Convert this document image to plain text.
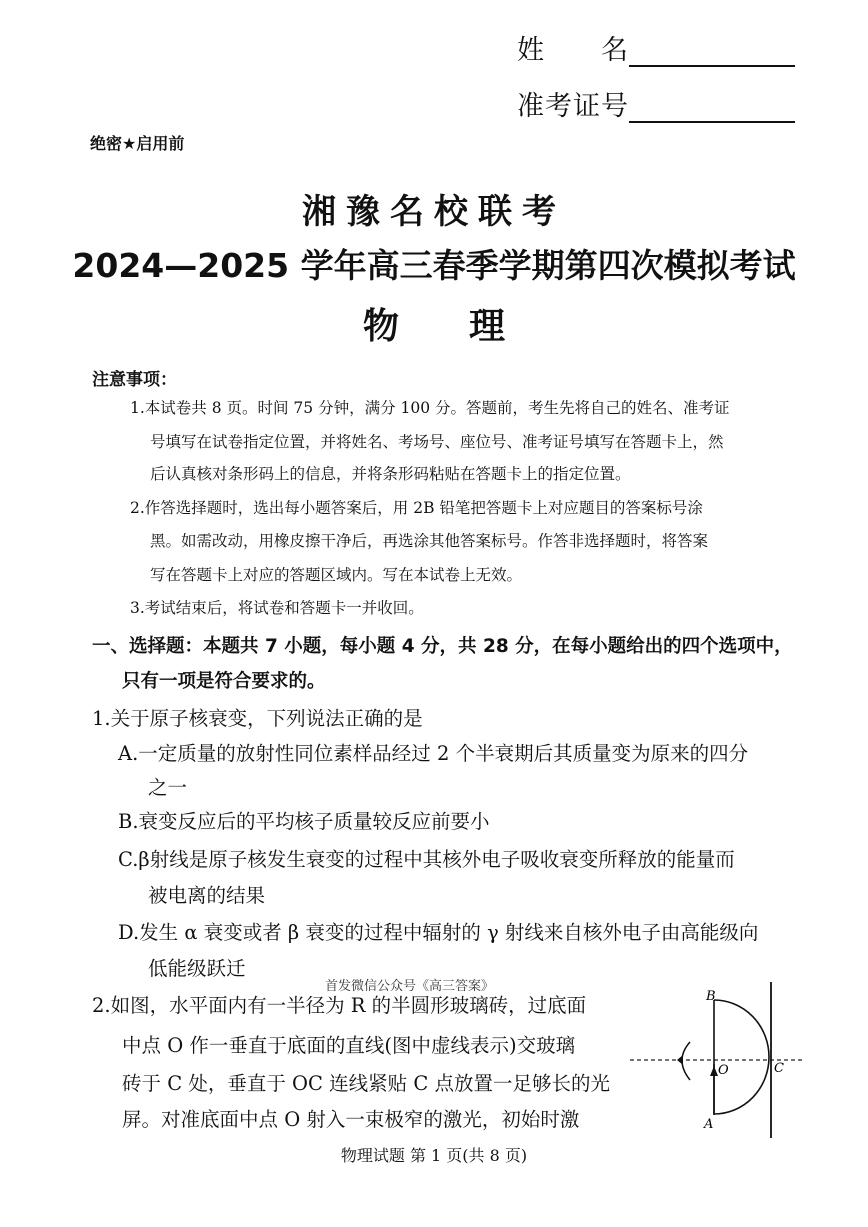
姓　　名
准考证号
绝密★启用前
湘豫名校联考
2024—2025 学年高三春季学期第四次模拟考试
物理
注意事项：
1.本试卷共 8 页。时间 75 分钟，满分 100 分。答题前，考生先将自己的姓名、准考证
号填写在试卷指定位置，并将姓名、考场号、座位号、准考证号填写在答题卡上，然
后认真核对条形码上的信息，并将条形码粘贴在答题卡上的指定位置。
2.作答选择题时，选出每小题答案后，用 2B 铅笔把答题卡上对应题目的答案标号涂
黑。如需改动，用橡皮擦干净后，再选涂其他答案标号。作答非选择题时，将答案
写在答题卡上对应的答题区域内。写在本试卷上无效。
3.考试结束后，将试卷和答题卡一并收回。
一、选择题：本题共 7 小题，每小题 4 分，共 28 分，在每小题给出的四个选项中，
只有一项是符合要求的。
1.关于原子核衰变，下列说法正确的是
A.一定质量的放射性同位素样品经过 2 个半衰期后其质量变为原来的四分
之一
B.衰变反应后的平均核子质量较反应前要小
C.β射线是原子核发生衰变的过程中其核外电子吸收衰变所释放的能量而
被电离的结果
D.发生 α 衰变或者 β 衰变的过程中辐射的 γ 射线来自核外电子由高能级向
低能级跃迁
首发微信公众号《高三答案》
2.如图，水平面内有一半径为 R 的半圆形玻璃砖，过底面
中点 O 作一垂直于底面的直线(图中虚线表示)交玻璃
砖于 C 处，垂直于 OC 连线紧贴 C 点放置一足够长的光
屏。对准底面中点 O 射入一束极窄的激光，初始时激
B
A
O	C
物理试题 第 1 页(共 8 页)
